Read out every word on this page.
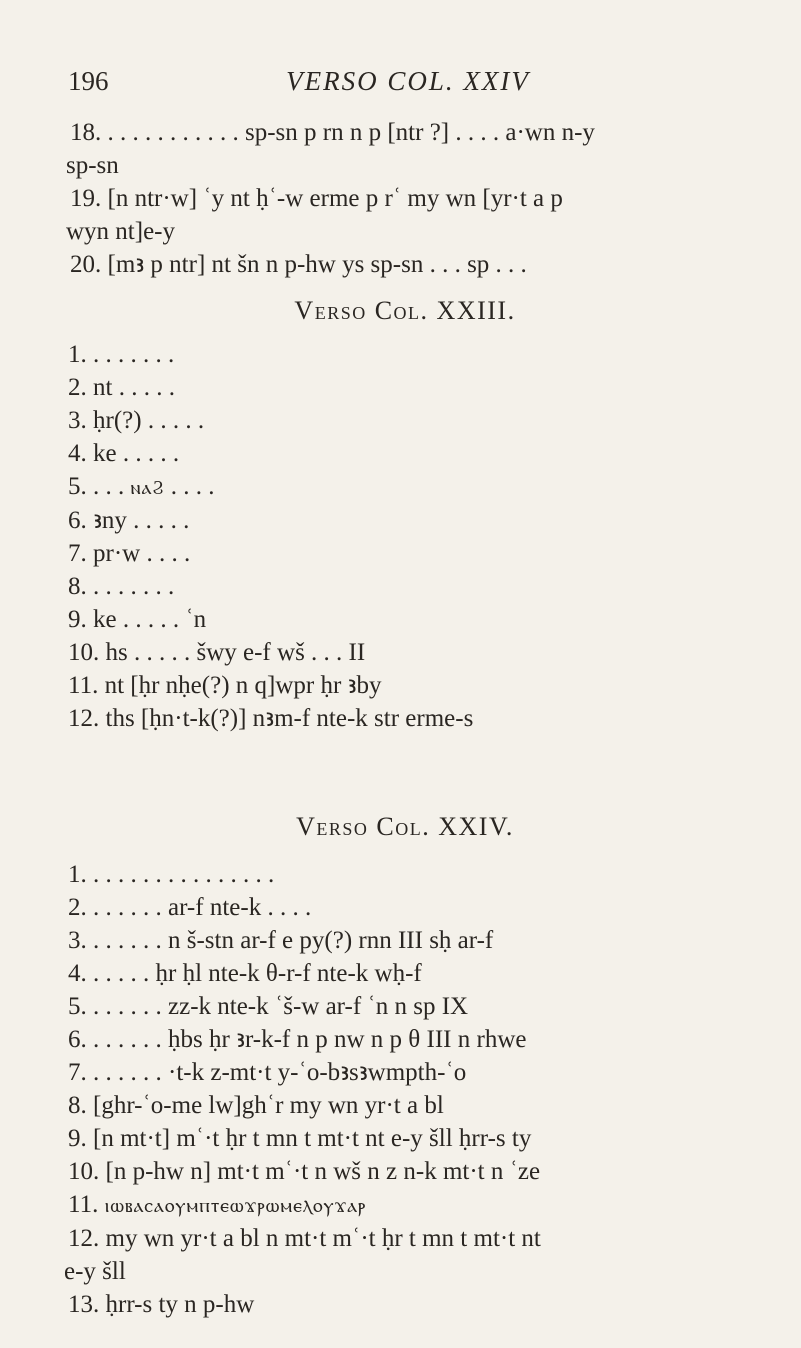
196	VERSO COL. XXIV
18. . . . . . . . . . . . sp-sn p rn n p [ntr ?] . . . . a·wn n-y
sp-sn
19. [n ntr·w] ʿy nt ḥʿ-w erme p rʿ my wn [yr·t a p
wyn nt]e-y
20. [mꜣ p ntr] nt šn n p-hw ys sp-sn . . . sp . . .
Verso Col. XXIII.
1. . . . . . . .
2. nt . . . . .
3. ḥr(?) . . . . .
4. ke . . . . .
5. . . . ⲛⲁϨ . . . .
6. ꜣny . . . . .
7. pr·w . . . .
8. . . . . . . .
9. ke . . . . . ʿn
10. hs . . . . . šwy e-f wš . . . II
11. nt [ḥr nḥe(?) n q]wpr ḥr ꜣby
12. ths [ḥn·t-k(?)] nꜣm-f nte-k str erme-s
Verso Col. XXIV.
1. . . . . . . . . . . . . . . .
2. . . . . . . ar-f nte-k . . . .
3. . . . . . . n š-stn ar-f e py(?) rnn III sḥ ar-f
4. . . . . . ḥr ḥl nte-k θ-r-f nte-k wḥ-f
5. . . . . . . zz-k nte-k ʿš-w ar-f ʿn n sp IX
6. . . . . . . ḥbs ḥr ꜣr-k-f n p nw n p θ III n rhwe
7. . . . . . . ·t-k z-mt·t y-ʿo-bꜣsꜣwmpth-ʿo
8. [ghr-ʿo-me lw]ghʿr my wn yr·t a bl
9. [n mt·t] mʿ·t ḥr t mn t mt·t nt e-y šll ḥrr-s ty
10. [n p-hw n] mt·t mʿ·t n wš n z n-k mt·t n ʿze
11. ⲓⲱⲃⲁⲥⲁⲟⲩⲙⲡⲧⲉⲱϫⲣⲱⲙⲉⲗⲟⲩϫⲁⲣ
12. my wn yr·t a bl n mt·t mʿ·t ḥr t mn t mt·t nt
e-y šll
13. ḥrr-s ty n p-hw
